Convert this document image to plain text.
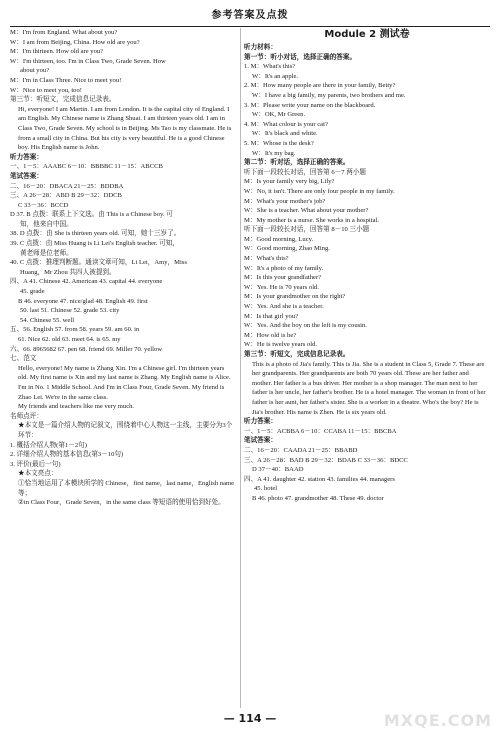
参考答案及点拨
M：I'm from England. What about you?
W：I am from Beijing, China. How old are you?
M：I'm thirteen. How old are you?
W：I'm thirteen, too. I'm in Class Two, Grade Seven. How
about you?
M：I'm in Class Three. Nice to meet you!
W：Nice to meet you, too!
第三节：听短文，完成信息记录表。
Hi, everyone! I am Martin. I am from London. It is the capital city of England. I am English. My Chinese name is Zhang Shuai. I am thirteen years old. I am in Class Two, Grade Seven. My school is in Beijing. Ms Tao is my classmate. He is from a small city in China. But his city is very beautiful. He is a good Chinese boy. His English name is John.
听力答案：
一、1－5：AAABC 6－10：BBBBC 11－15：ABCCB
笔试答案：
二、16－20：DBACA 21－25：BDDBA
三、A 26－28：ABD B 29－32：DDCB
C 33－36：BCCD
D 37. B 点拨：联系上下文选。由 This is a Chinese boy. 可
知，他来自中国。
38. D 点拨：由 She is thirteen years old. 可知，她十三岁了。
39. C 点拨：由 Miss Huang is Li Lei's English teacher. 可知，
黄老师是位老师。
40. C 点拨：推理判断题。通读文章可知，Li Lei，Amy，Miss
Huang，Mr Zhou 共四人被提到。
四、A 41. Chinese 42. American 43. capital 44. everyone
45. grade
B 46. everyone 47. nice/glad 48. English 49. first
50. last 51. Chinese 52. grade 53. city
54. Chinese 55. well
五、56. English 57. from 58. years 59. am 60. in
61. Nice 62. old 63. meet 64. is 65. my
六、66. 8965682 67. pen 68. friend 69. Miller 70. yellow
七、范文
Hello, everyone! My name is Zhang Xin. I'm a Chinese girl. I'm thirteen years old. My first name is Xin and my last name is Zhang. My English name is Alice. I'm in No. 1 Middle School. And I'm in Class Four, Grade Seven. My friend is Zhao Lei. We're in the same class.
My friends and teachers like me very much.
名师点评：
★本文是一篇介绍人物的记叙文，围绕着中心人物这一主线，主要分为3个环节：
1. 概括介绍人物(第1－2句)
2. 详细介绍人物的基本信息(第3－10句)
3. 评价(最后一句)
★本文亮点：
①恰当地运用了本模块所学的 Chinese，first name，last name，English name 等；
②in Class Four，Grade Seven，in the same class 等短语的使用恰到好处。
Module 2 测试卷
听力材料：
第一节：听小对话，选择正确的答案。
1. M：What's this?
W：It's an apple.
2. M：How many people are there in your family, Betty?
W：I have a big family, my parents, two brothers and me.
3. M：Please write your name on the blackboard.
W：OK, Mr Green.
4. M：What colour is your cat?
W：It's black and white.
5. M：Whose is the desk?
W：It's my bag.
第二节：听对话，选择正确的答案。
听下面一段较长对话，回答第 6－7 两小题
M：Is your family very big, Lily?
W：No, it isn't. There are only four people in my family.
M：What's your mother's job?
W：She is a teacher. What about your mother?
M：My mother is a nurse. She works in a hospital.
听下面一段较长对话，回答第 8－10 三小题
M：Good morning, Lucy.
W：Good morning, Zhao Ming.
M：What's this?
W：It's a photo of my family.
M：Is this your grandfather?
W：Yes. He is 70 years old.
M：Is your grandmother on the right?
W：Yes. And she is a teacher.
M：Is that girl you?
W：Yes. And the boy on the left is my cousin.
M：How old is he?
W：He is twelve years old.
第三节：听短文，完成信息记录表。
This is a photo of Jia's family. This is Jia. She is a student in Class 5, Grade 7. These are her grandparents. Her grandparents are both 70 years old. These are her father and mother. Her father is a bus driver. Her mother is a shop manager. The man next to her father is her uncle, her father's brother. He is a hotel manager. The woman in front of her father is her aunt, her father's sister. She is a worker in a theatre. Who's the boy? He is Jia's brother. His name is Zhen. He is six years old.
听力答案：
一、1－5：ACBBA 6－10：CCABA 11－15：BBCBA
笔试答案：
二、16－20：CAADA 21－25：BBABD
三、A 26－28：BAD B 29－32：BDAB C 33－36：BDCC
D 37－40：BAAD
四、A 41. daughter 42. station 43. families 44. managers
45. hotel
B 46. photo 47. grandmother 48. These 49. doctor
— 114 —	MXQE.COM
